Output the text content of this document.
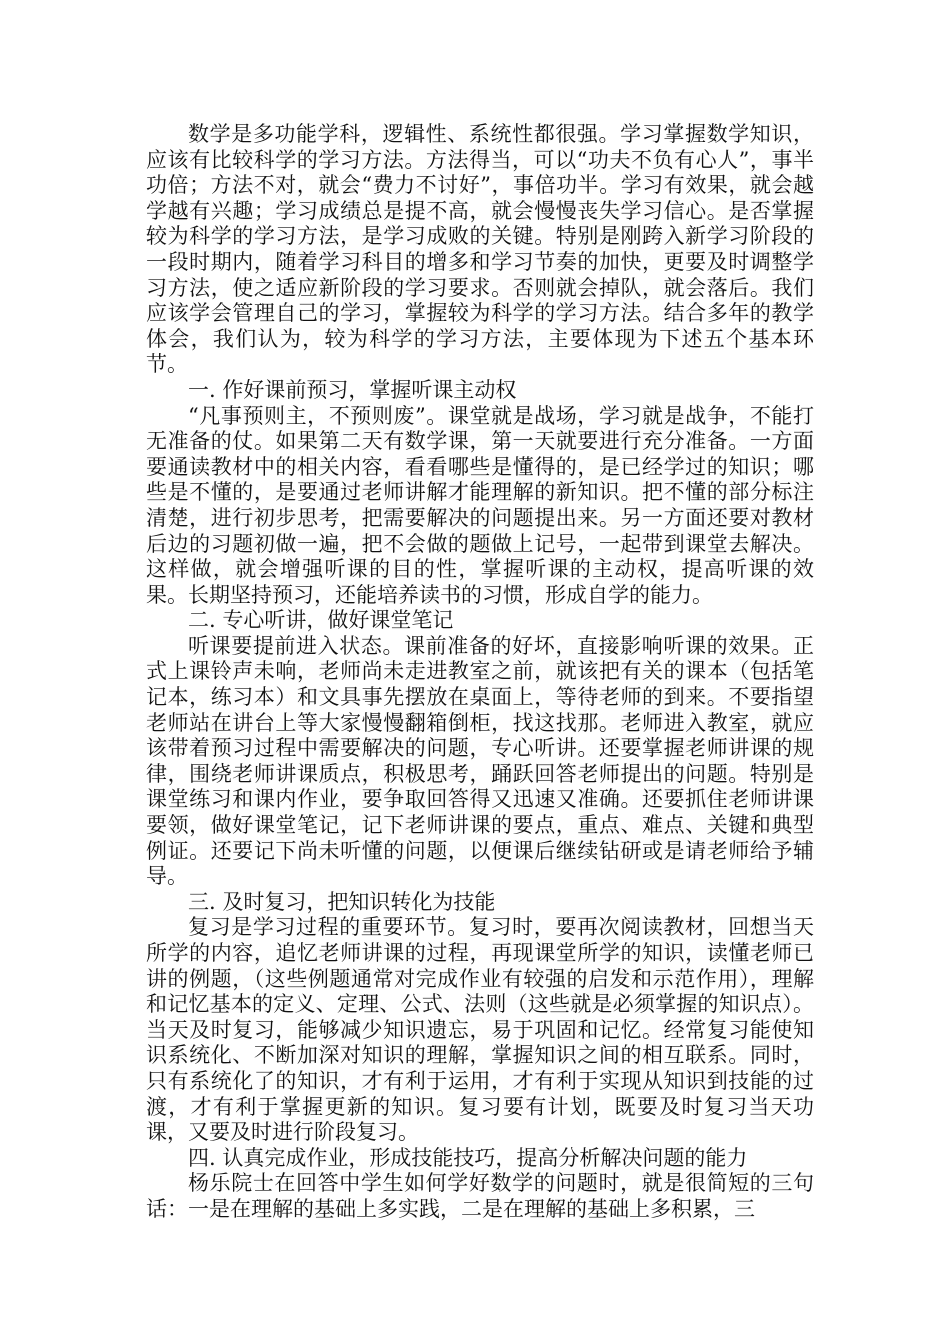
数学是多功能学科，逻辑性、系统性都很强。学习掌握数学知识，应该有比较科学的学习方法。方法得当，可以“功夫不负有心人”，事半功倍；方法不对，就会“费力不讨好”，事倍功半。学习有效果，就会越学越有兴趣；学习成绩总是提不高，就会慢慢丧失学习信心。是否掌握较为科学的学习方法，是学习成败的关键。特别是刚跨入新学习阶段的一段时期内，随着学习科目的增多和学习节奏的加快，更要及时调整学习方法，使之适应新阶段的学习要求。否则就会掉队，就会落后。我们应该学会管理自己的学习，掌握较为科学的学习方法。结合多年的教学体会，我们认为，较为科学的学习方法，主要体现为下述五个基本环节。

一. 作好课前预习，掌握听课主动权

“凡事预则主，不预则废”。课堂就是战场，学习就是战争，不能打无准备的仗。如果第二天有数学课，第一天就要进行充分准备。一方面要通读教材中的相关内容，看看哪些是懂得的，是已经学过的知识；哪些是不懂的，是要通过老师讲解才能理解的新知识。把不懂的部分标注清楚，进行初步思考，把需要解决的问题提出来。另一方面还要对教材后边的习题初做一遍，把不会做的题做上记号，一起带到课堂去解决。这样做，就会增强听课的目的性，掌握听课的主动权，提高听课的效果。长期坚持预习，还能培养读书的习惯，形成自学的能力。

二. 专心听讲，做好课堂笔记

听课要提前进入状态。课前准备的好坏，直接影响听课的效果。正式上课铃声未响，老师尚未走进教室之前，就该把有关的课本（包括笔记本，练习本）和文具事先摆放在桌面上，等待老师的到来。不要指望老师站在讲台上等大家慢慢翻箱倒柜，找这找那。老师进入教室，就应该带着预习过程中需要解决的问题，专心听讲。还要掌握老师讲课的规律，围绕老师讲课质点，积极思考，踊跃回答老师提出的问题。特别是课堂练习和课内作业，要争取回答得又迅速又准确。还要抓住老师讲课要领，做好课堂笔记，记下老师讲课的要点，重点、难点、关键和典型例证。还要记下尚未听懂的问题，以便课后继续钻研或是请老师给予辅导。

三. 及时复习，把知识转化为技能

复习是学习过程的重要环节。复习时，要再次阅读教材，回想当天所学的内容，追忆老师讲课的过程，再现课堂所学的知识，读懂老师已讲的例题，（这些例题通常对完成作业有较强的启发和示范作用），理解和记忆基本的定义、定理、公式、法则（这些就是必须掌握的知识点）。当天及时复习，能够减少知识遗忘，易于巩固和记忆。经常复习能使知识系统化、不断加深对知识的理解，掌握知识之间的相互联系。同时，只有系统化了的知识，才有利于运用，才有利于实现从知识到技能的过渡，才有利于掌握更新的知识。复习要有计划，既要及时复习当天功课，又要及时进行阶段复习。

四. 认真完成作业，形成技能技巧，提高分析解决问题的能力

杨乐院士在回答中学生如何学好数学的问题时，就是很简短的三句话：一是在理解的基础上多实践，二是在理解的基础上多积累，三
